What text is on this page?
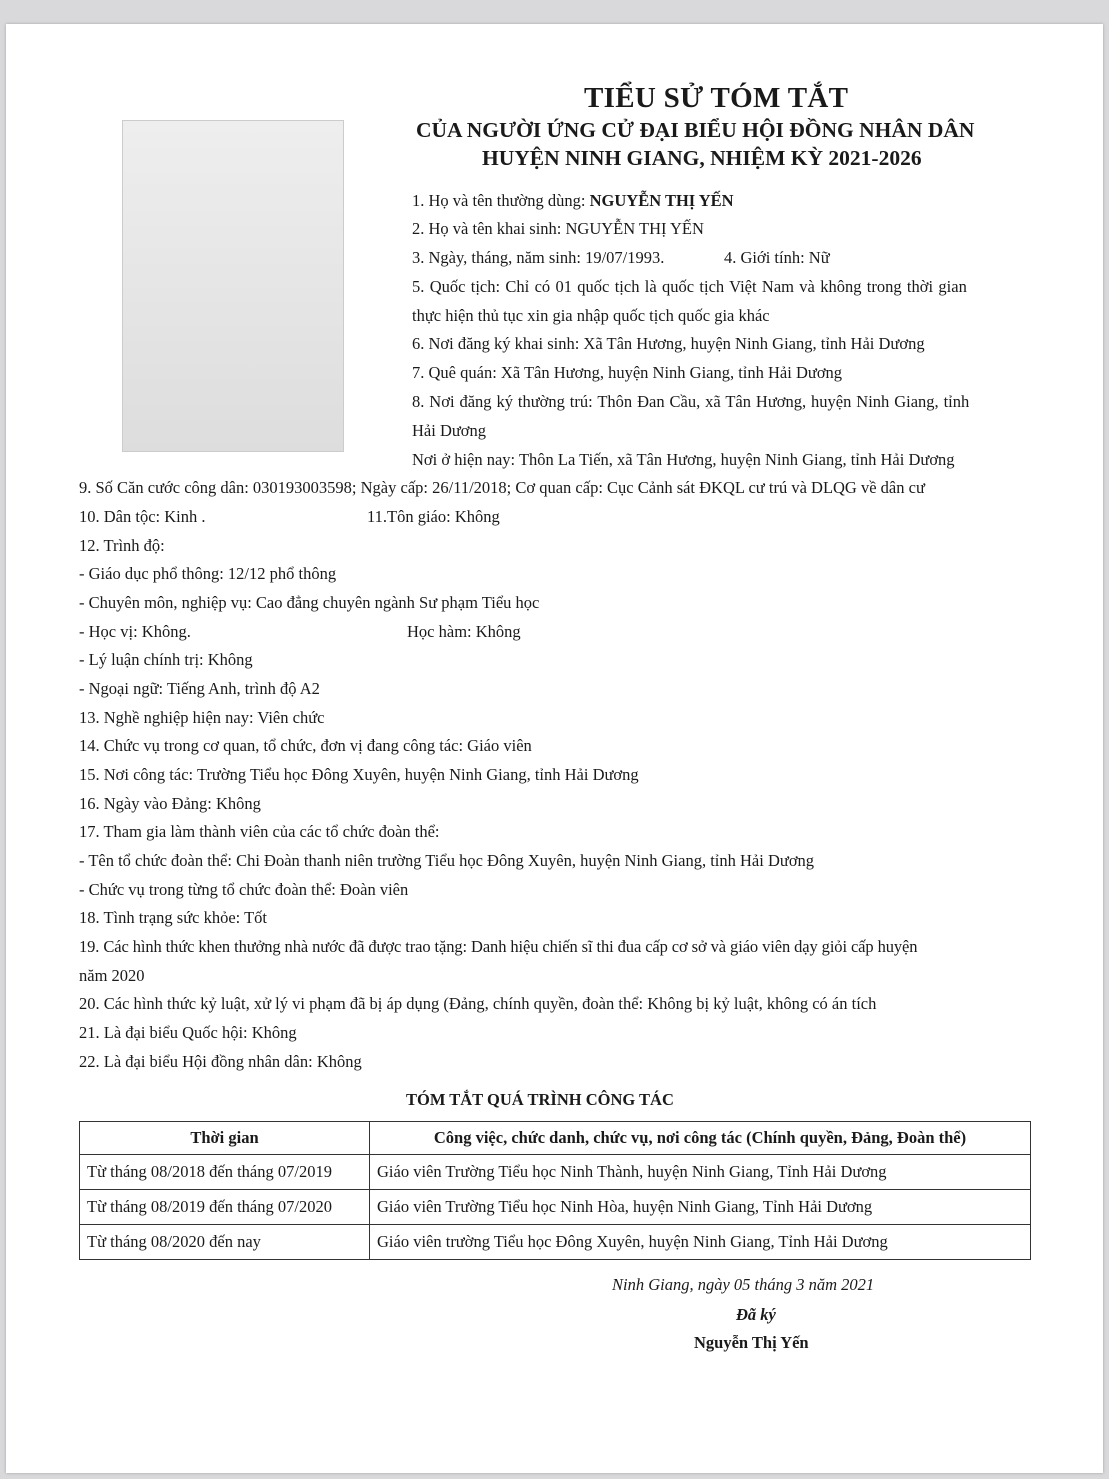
TIỂU SỬ TÓM TẮT
CỦA NGƯỜI ỨNG CỬ ĐẠI BIỂU HỘI ĐỒNG NHÂN DÂN
HUYỆN NINH GIANG, NHIỆM KỲ 2021-2026
1. Họ và tên thường dùng: NGUYỄN THỊ YẾN
2. Họ và tên khai sinh: NGUYỄN THỊ YẾN
3. Ngày, tháng, năm sinh: 19/07/1993.	4. Giới tính: Nữ
5. Quốc tịch: Chỉ có 01 quốc tịch là quốc tịch Việt Nam và không trong thời gian
thực hiện thủ tục xin gia nhập quốc tịch quốc gia khác
6. Nơi đăng ký khai sinh: Xã Tân Hương, huyện Ninh Giang, tỉnh Hải Dương
7. Quê quán: Xã Tân Hương, huyện Ninh Giang, tỉnh Hải Dương
8. Nơi đăng ký thường trú: Thôn Đan Cầu, xã Tân Hương, huyện Ninh Giang, tỉnh
Hải Dương
Nơi ở hiện nay: Thôn La Tiến, xã Tân Hương, huyện Ninh Giang, tỉnh Hải Dương
9. Số Căn cước công dân: 030193003598; Ngày cấp: 26/11/2018; Cơ quan cấp: Cục Cảnh sát ĐKQL cư trú và DLQG về dân cư
10. Dân tộc: Kinh .	11.Tôn giáo: Không
12. Trình độ:
- Giáo dục phổ thông: 12/12 phổ thông
- Chuyên môn, nghiệp vụ: Cao đẳng chuyên ngành Sư phạm Tiểu học
- Học vị: Không.	Học hàm: Không
- Lý luận chính trị: Không
- Ngoại ngữ: Tiếng Anh, trình độ A2
13. Nghề nghiệp hiện nay: Viên chức
14. Chức vụ trong cơ quan, tổ chức, đơn vị đang công tác: Giáo viên
15. Nơi công tác: Trường Tiểu học Đông Xuyên, huyện Ninh Giang, tỉnh Hải Dương
16. Ngày vào Đảng: Không
17. Tham gia làm thành viên của các tổ chức đoàn thể:
- Tên tổ chức đoàn thể: Chi Đoàn thanh niên trường Tiểu học Đông Xuyên, huyện Ninh Giang, tỉnh Hải Dương
- Chức vụ trong từng tổ chức đoàn thể: Đoàn viên
18. Tình trạng sức khỏe: Tốt
19. Các hình thức khen thưởng nhà nước đã được trao tặng: Danh hiệu chiến sĩ thi đua cấp cơ sở và giáo viên dạy giỏi cấp huyện
năm 2020
20. Các hình thức kỷ luật, xử lý vi phạm đã bị áp dụng (Đảng, chính quyền, đoàn thể: Không bị kỷ luật, không có án tích
21. Là đại biểu Quốc hội: Không
22. Là đại biểu Hội đồng nhân dân: Không
TÓM TẮT QUÁ TRÌNH CÔNG TÁC
Thời gian	Công việc, chức danh, chức vụ, nơi công tác (Chính quyền, Đảng, Đoàn thể)
Từ tháng 08/2018 đến tháng 07/2019	Giáo viên Trường Tiểu học Ninh Thành, huyện Ninh Giang, Tỉnh Hải Dương
Từ tháng 08/2019 đến tháng 07/2020	Giáo viên Trường Tiểu học Ninh Hòa, huyện Ninh Giang, Tỉnh Hải Dương
Từ tháng 08/2020 đến nay	Giáo viên trường Tiểu học Đông Xuyên, huyện Ninh Giang, Tỉnh Hải Dương
Ninh Giang, ngày 05 tháng 3 năm 2021
Đã ký
Nguyễn Thị Yến
